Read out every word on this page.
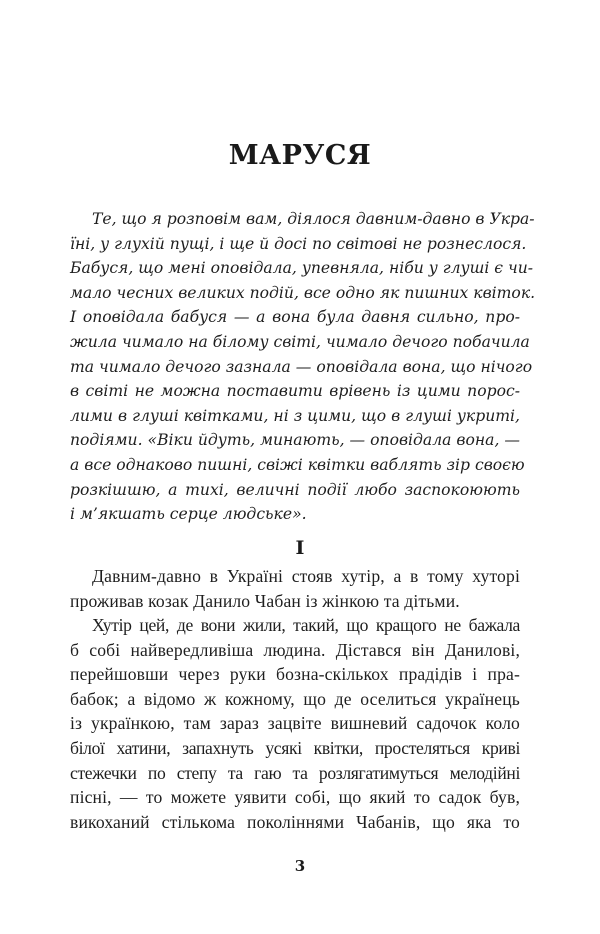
МАРУСЯ
Те, що я розповім вам, діялося давним-давно в Укра-
їні, у глухій пущі, і ще й досі по світові не рознеслося.
Бабуся, що мені оповідала, упевняла, ніби у глуші є чи-
мало чесних великих подій, все одно як пишних квіток.
І оповідала бабуся — а вона була давня сильно, про-
жила чимало на білому світі, чимало дечого побачила
та чимало дечого зазнала — оповідала вона, що нічого
в світі не можна поставити врівень із цими порос-
лими в глуші квітками, ні з цими, що в глуші укриті,
подіями. «Віки йдуть, минають, — оповідала вона, —
а все однаково пишні, свіжі квітки ваблять зір своєю
розкішшю, а тихі, величні події любо заспокоюють
і м’якшать серце людське».
I
Давним-давно в Україні стояв хутір, а в тому хуторі
проживав козак Данило Чабан із жінкою та дітьми.
Хутір цей, де вони жили, такий, що кращого не бажала
б собі найвередливіша людина. Дістався він Данилові,
перейшовши через руки бозна-скількох прадідів і пра-
бабок; а відомо ж кожному, що де оселиться українець
із українкою, там зараз зацвіте вишневий садочок коло
білої хатини, запахнуть усякі квітки, простеляться криві
стежечки по степу та гаю та розлягатимуться мелодійні
пісні, — то можете уявити собі, що який то садок був,
викоханий стількома поколіннями Чабанів, що яка то
3
